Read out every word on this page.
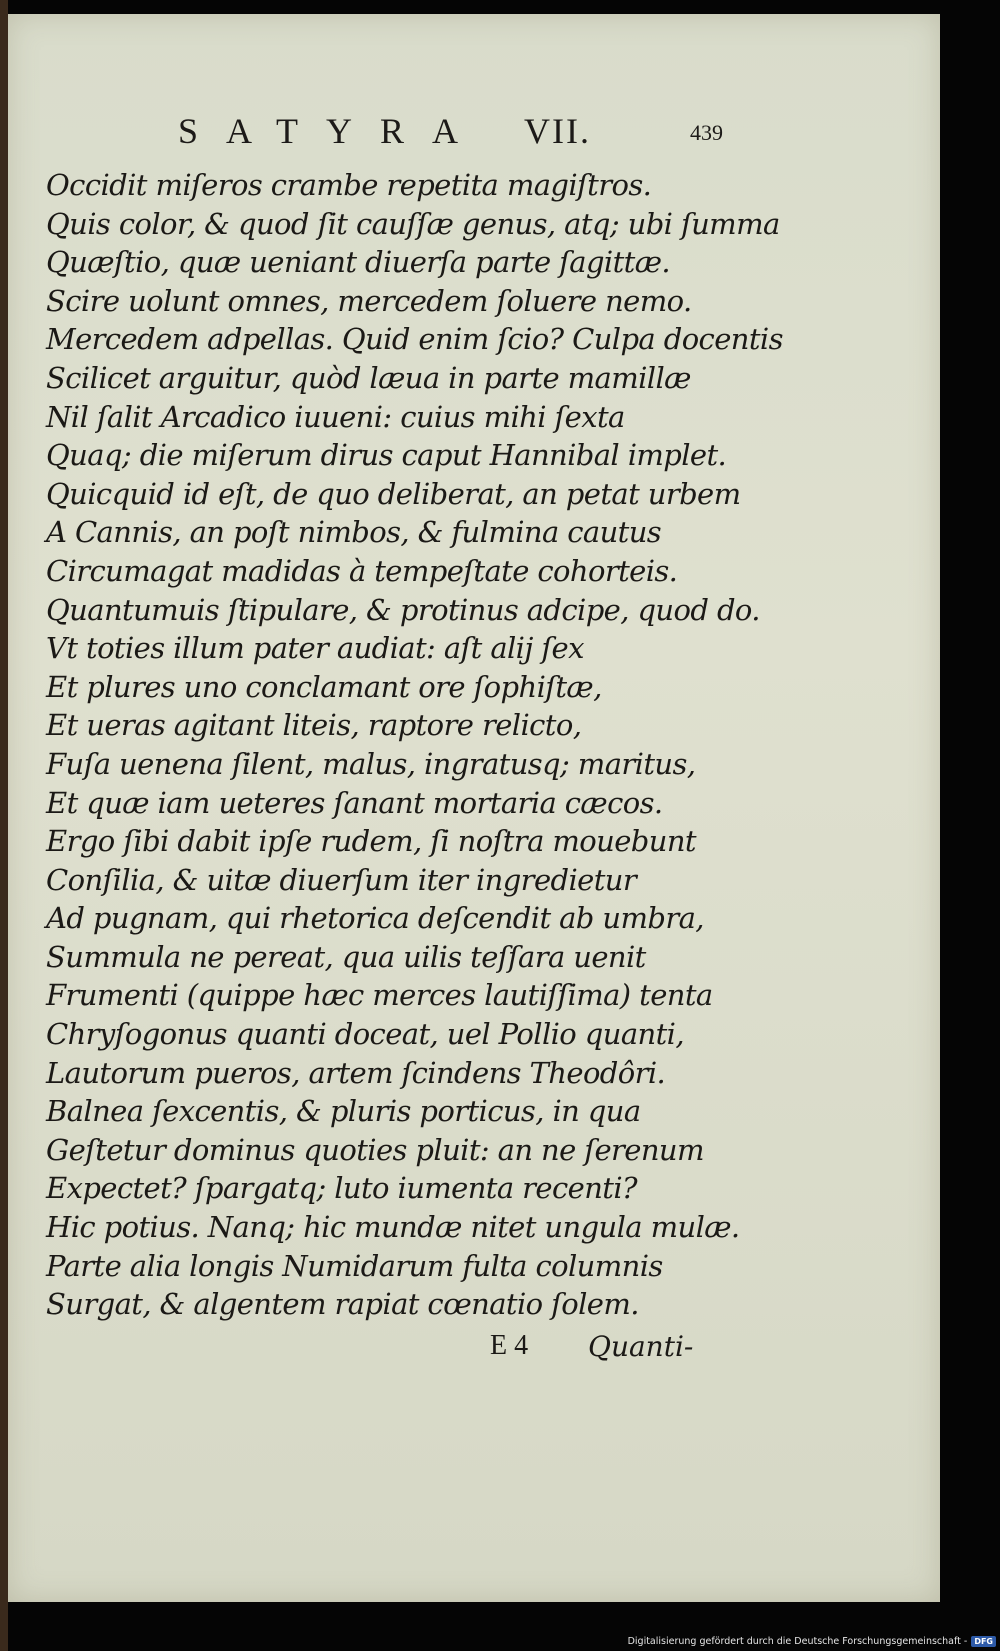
SATYRA VII.	439
Occidit miſeros crambe repetita magiſtros.
Quis color, & quod ſit cauſſæ genus, atq; ubi ſumma
Quæſtio, quæ ueniant diuerſa parte ſagittæ.
Scire uolunt omnes, mercedem ſoluere nemo.
Mercedem adpellas. Quid enim ſcio? Culpa docentis
Scilicet arguitur, quòd læua in parte mamillæ
Nil ſalit Arcadico iuueni: cuius mihi ſexta
Quaq; die miſerum dirus caput Hannibal implet.
Quicquid id eſt, de quo deliberat, an petat urbem
A Cannis, an poſt nimbos, & fulmina cautus
Circumagat madidas à tempeſtate cohorteis.
Quantumuis ſtipulare, & protinus adcipe, quod do.
Vt toties illum pater audiat: aſt alij ſex
Et plures uno conclamant ore ſophiſtæ,
Et ueras agitant liteis, raptore relicto,
Fuſa uenena ſilent, malus, ingratusq; maritus,
Et quæ iam ueteres ſanant mortaria cæcos.
Ergo ſibi dabit ipſe rudem, ſi noſtra mouebunt
Conſilia, & uitæ diuerſum iter ingredietur
Ad pugnam, qui rhetorica deſcendit ab umbra,
Summula ne pereat, qua uilis teſſara uenit
Frumenti (quippe hæc merces lautiſſima) tenta
Chryſogonus quanti doceat, uel Pollio quanti,
Lautorum pueros, artem ſcindens Theodôri.
Balnea ſexcentis, & pluris porticus, in qua
Geſtetur dominus quoties pluit: an ne ſerenum
Expectet? ſpargatq; luto iumenta recenti?
Hic potius. Nanq; hic mundæ nitet ungula mulæ.
Parte alia longis Numidarum fulta columnis
Surgat, & algentem rapiat cœnatio ſolem.
E 4 Quanti-
Digitalisierung gefördert durch die Deutsche Forschungsgemeinschaft - DFG
